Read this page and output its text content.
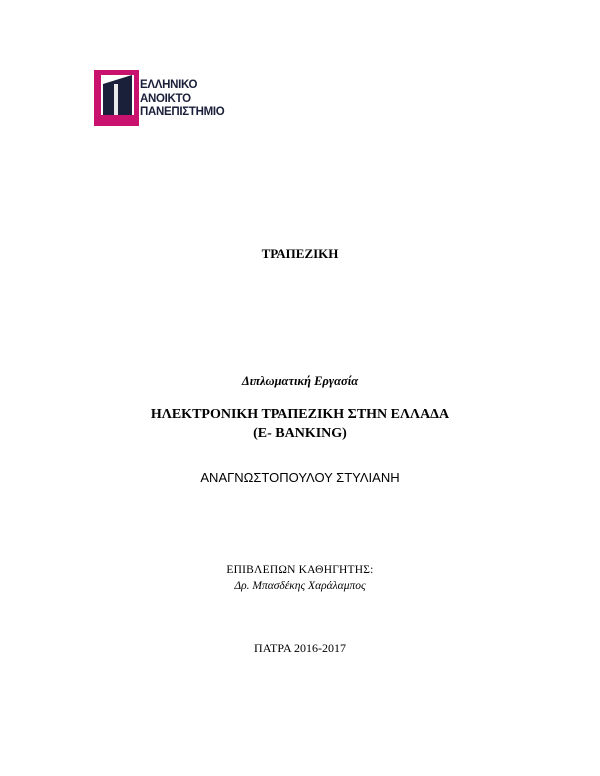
ΕΛΛΗΝΙΚΟ
ΑΝΟΙΚΤΟ
ΠΑΝΕΠΙΣΤΗΜΙΟ
ΤΡΑΠΕΖΙΚΗ
Διπλωματική Εργασία
ΗΛΕΚΤΡΟΝΙΚΗ ΤΡΑΠΕΖΙΚΗ ΣΤΗΝ ΕΛΛΑΔΑ
(E- BANKING)
ΑΝΑΓΝΩΣΤΟΠΟΥΛΟΥ ΣΤΥΛΙΑΝΗ
ΕΠΙΒΛΕΠΩΝ ΚΑΘΗΓΗΤΗΣ:
Δρ. Μπασδέκης Χαράλαμπος
ΠΑΤΡΑ 2016-2017
